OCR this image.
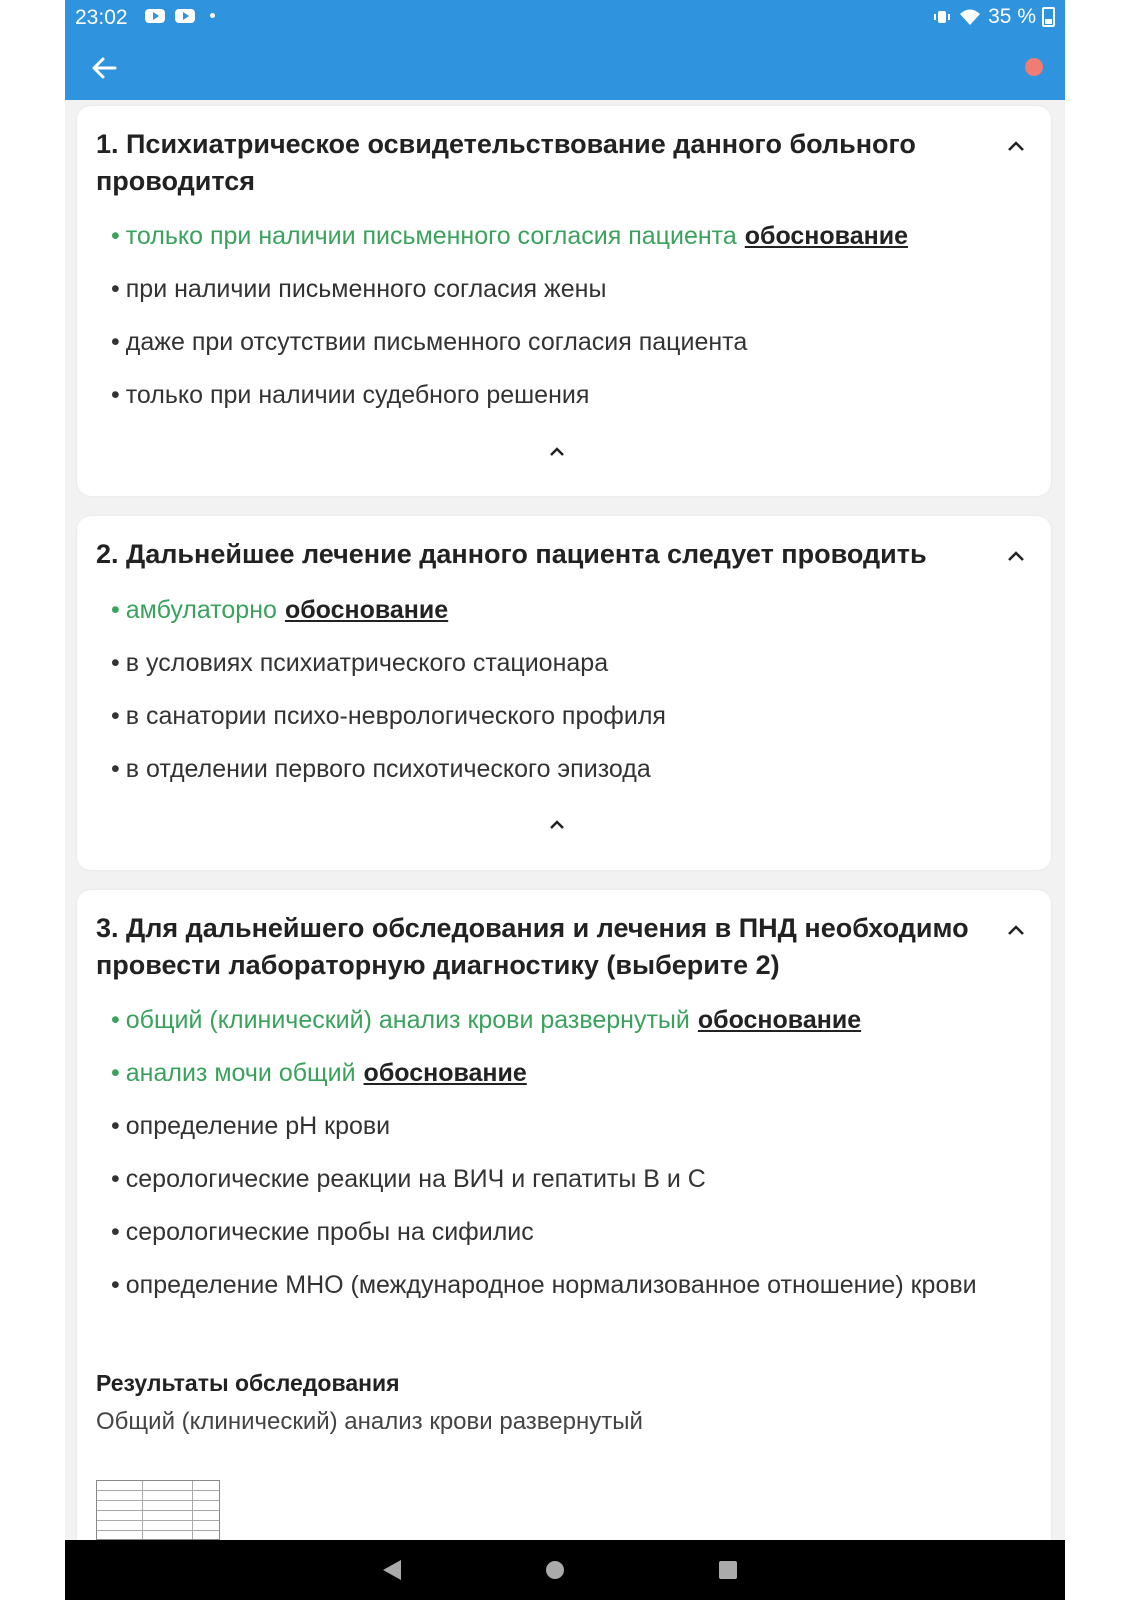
23:02	35 %
1. Психиатрическое освидетельствование данного больного проводится
• только при наличии письменного согласия пациента обоснование
• при наличии письменного согласия жены
• даже при отсутствии письменного согласия пациента
• только при наличии судебного решения
2. Дальнейшее лечение данного пациента следует проводить
• амбулаторно обоснование
• в условиях психиатрического стационара
• в санатории психо-неврологического профиля
• в отделении первого психотического эпизода
3. Для дальнейшего обследования и лечения в ПНД необходимо провести лабораторную диагностику (выберите 2)
• общий (клинический) анализ крови развернутый обоснование
• анализ мочи общий обоснование
• определение pH крови
• серологические реакции на ВИЧ и гепатиты B и C
• серологические пробы на сифилис
• определение МНО (международное нормализованное отношение) крови
Результаты обследования
Общий (клинический) анализ крови развернутый
